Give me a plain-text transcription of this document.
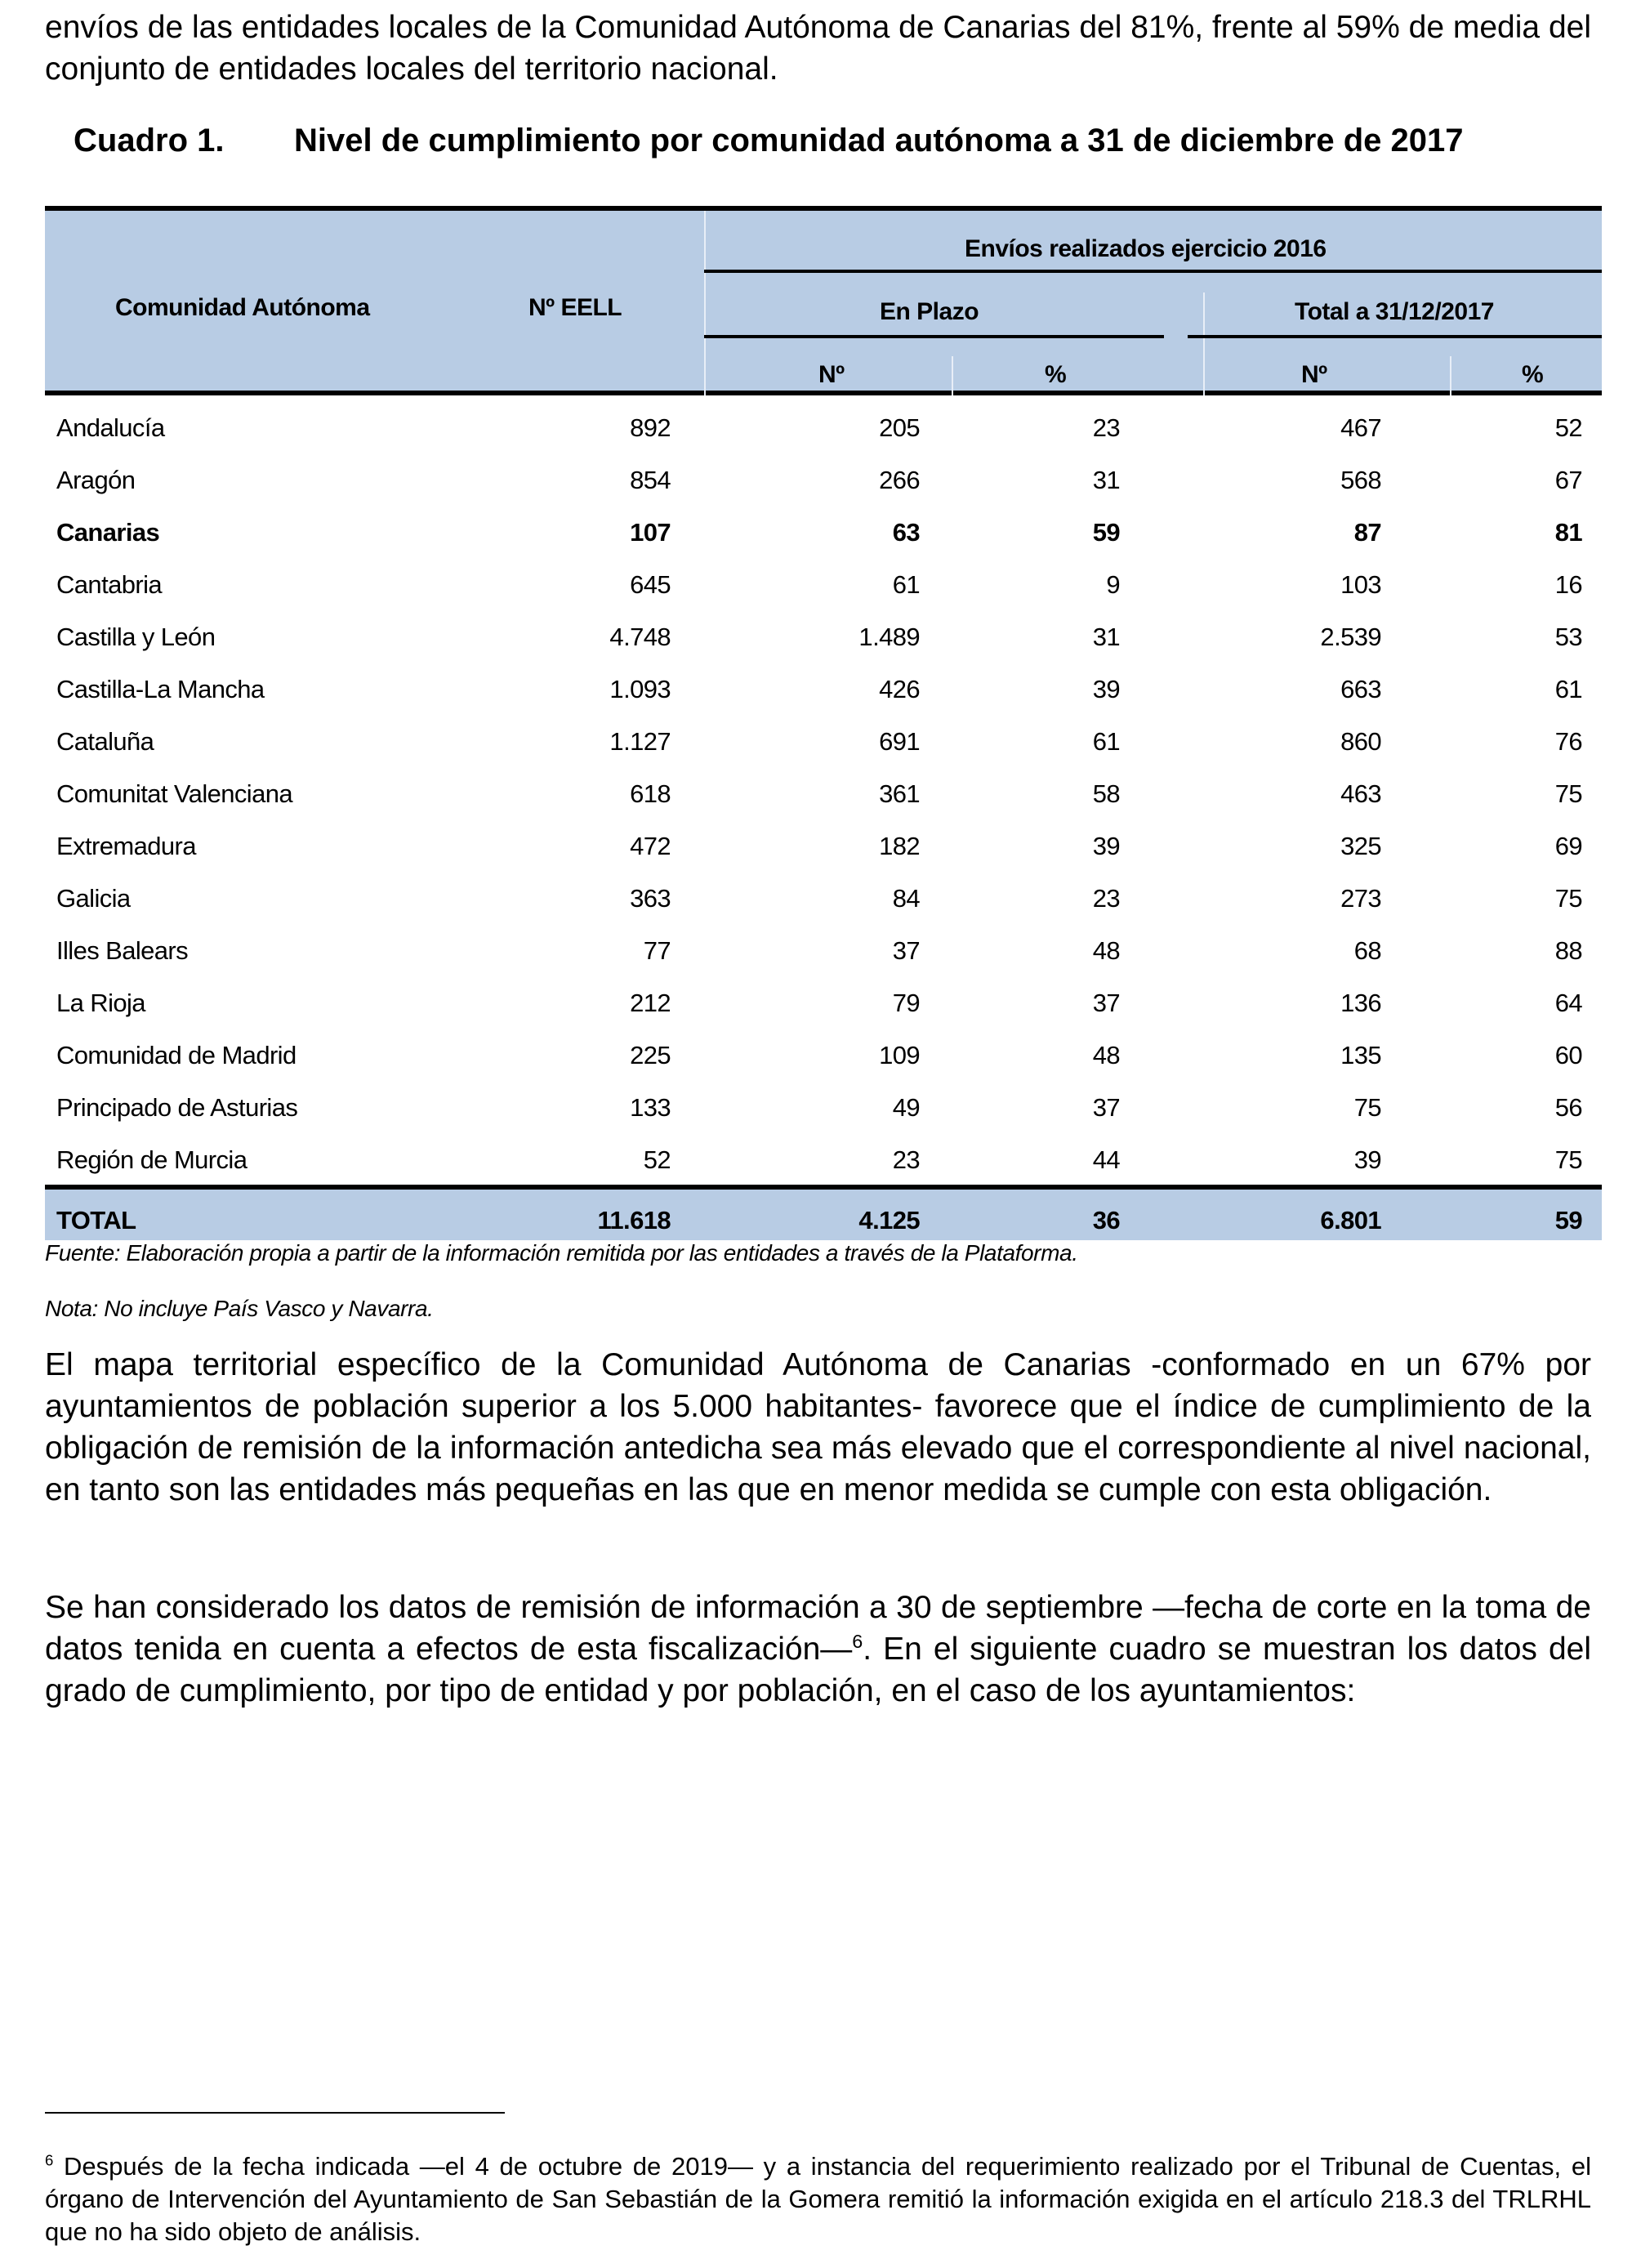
envíos de las entidades locales de la Comunidad Autónoma de Canarias del 81%, frente al 59% de media del conjunto de entidades locales del territorio nacional.

Cuadro 1. Nivel de cumplimiento por comunidad autónoma a 31 de diciembre de 2017
Comunidad Autónoma	Nº EELL
Envíos realizados ejercicio 2016
En Plazo	Total a 31/12/2017
Nº	%	Nº	%
Andalucía	892	205	23	467	52
Aragón	854	266	31	568	67
Canarias	107	63	59	87	81
Cantabria	645	61	9	103	16
Castilla y León	4.748	1.489	31	2.539	53
Castilla-La Mancha	1.093	426	39	663	61
Cataluña	1.127	691	61	860	76
Comunitat Valenciana	618	361	58	463	75
Extremadura	472	182	39	325	69
Galicia	363	84	23	273	75
Illes Balears	77	37	48	68	88
La Rioja	212	79	37	136	64
Comunidad de Madrid	225	109	48	135	60
Principado de Asturias	133	49	37	75	56
Región de Murcia	52	23	44	39	75
TOTAL	11.618	4.125	36	6.801	59
Fuente: Elaboración propia a partir de la información remitida por las entidades a través de la Plataforma.
Nota: No incluye País Vasco y Navarra.

El mapa territorial específico de la Comunidad Autónoma de Canarias -conformado en un 67% por ayuntamientos de población superior a los 5.000 habitantes- favorece que el índice de cumplimiento de la obligación de remisión de la información antedicha sea más elevado que el correspondiente al nivel nacional, en tanto son las entidades más pequeñas en las que en menor medida se cumple con esta obligación.

Se han considerado los datos de remisión de información a 30 de septiembre —fecha de corte en la toma de datos tenida en cuenta a efectos de esta fiscalización—$^6$. En el siguiente cuadro se muestran los datos del grado de cumplimiento, por tipo de entidad y por población, en el caso de los ayuntamientos:

$^6$ Después de la fecha indicada —el 4 de octubre de 2019— y a instancia del requerimiento realizado por el Tribunal de Cuentas, el órgano de Intervención del Ayuntamiento de San Sebastián de la Gomera remitió la información exigida en el artículo 218.3 del TRLRHL que no ha sido objeto de análisis.
